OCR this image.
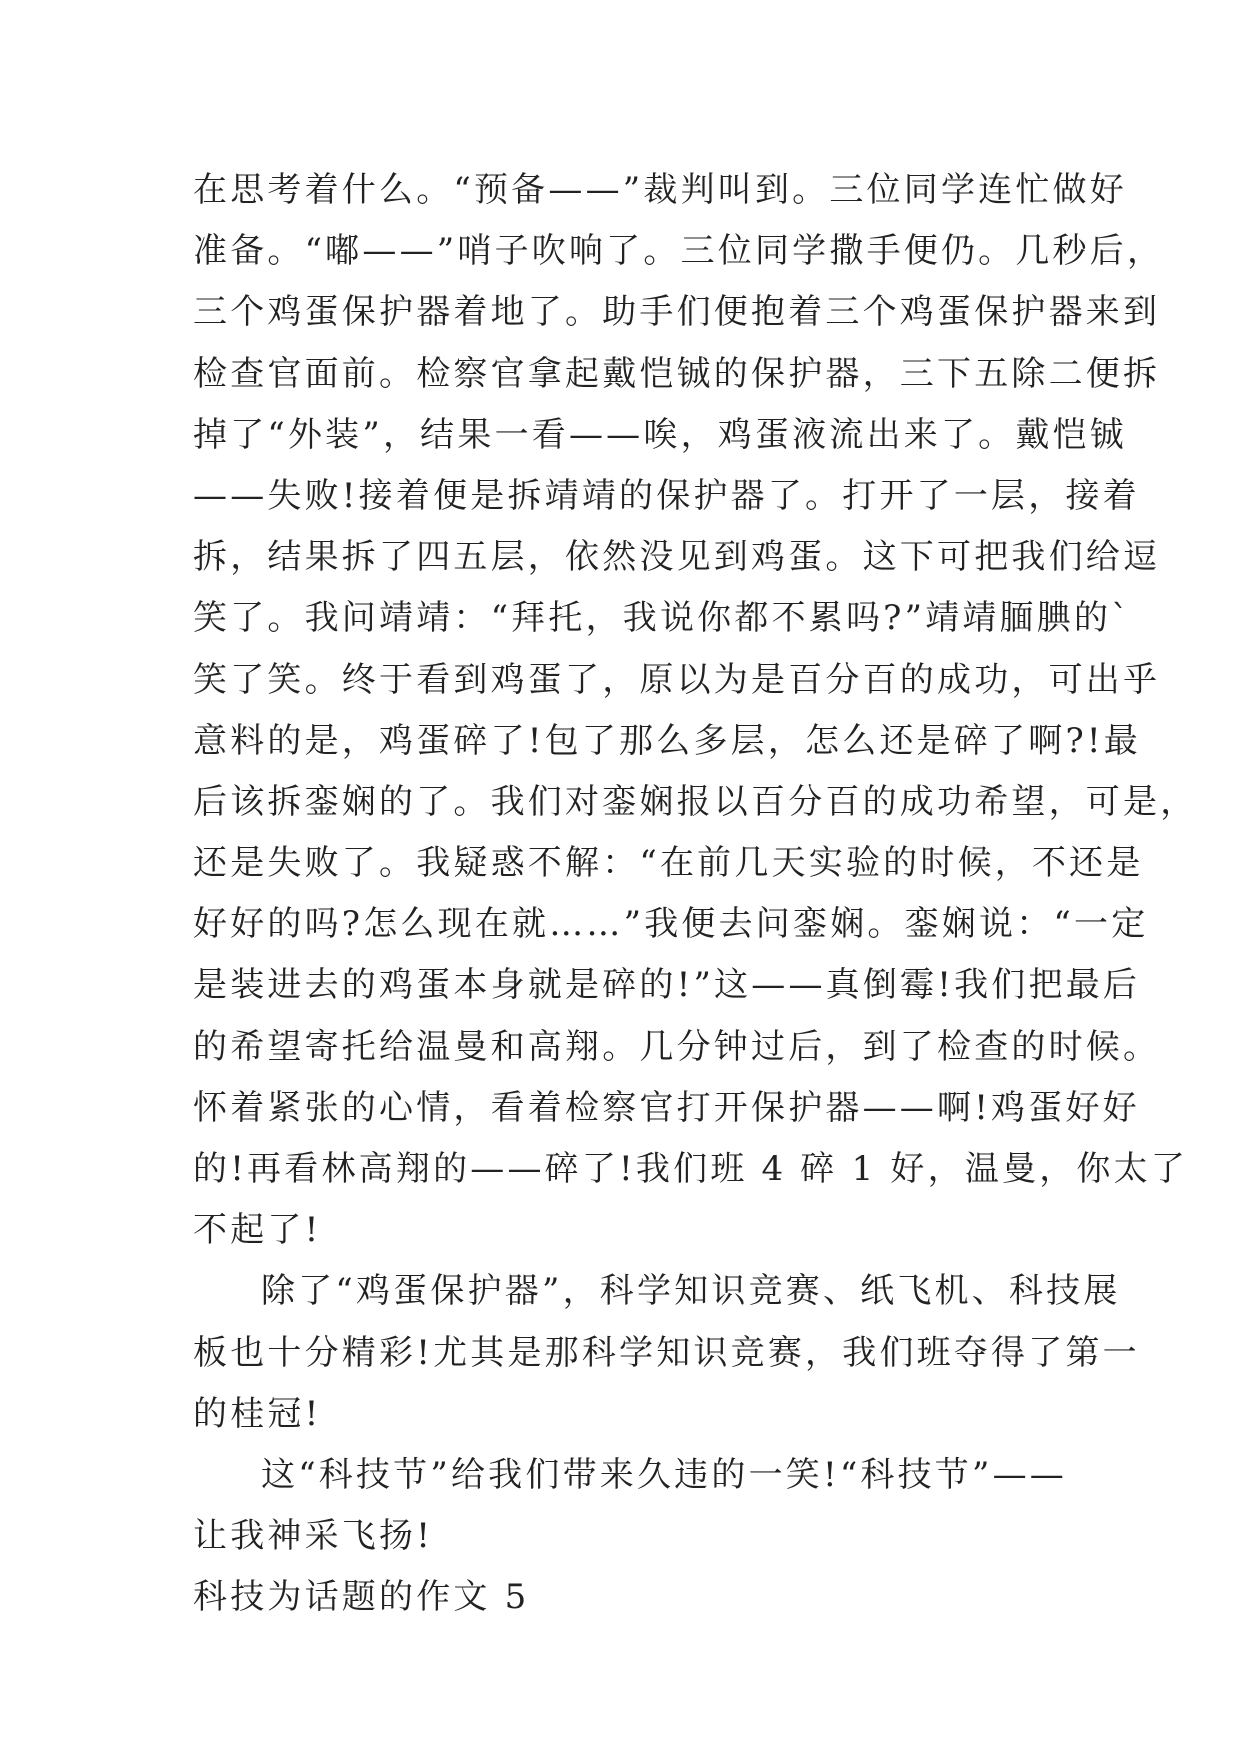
在思考着什么。“预备——”裁判叫到。三位同学连忙做好
准备。“嘟——”哨子吹响了。三位同学撒手便仍。几秒后，
三个鸡蛋保护器着地了。助手们便抱着三个鸡蛋保护器来到
检查官面前。检察官拿起戴恺铖的保护器，三下五除二便拆
掉了“外装”，结果一看——唉，鸡蛋液流出来了。戴恺铖
——失败!接着便是拆靖靖的保护器了。打开了一层，接着
拆，结果拆了四五层，依然没见到鸡蛋。这下可把我们给逗
笑了。我问靖靖：“拜托，我说你都不累吗?”靖靖腼腆的`
笑了笑。终于看到鸡蛋了，原以为是百分百的成功，可出乎
意料的是，鸡蛋碎了!包了那么多层，怎么还是碎了啊?!最
后该拆銮娴的了。我们对銮娴报以百分百的成功希望，可是，
还是失败了。我疑惑不解：“在前几天实验的时候，不还是
好好的吗?怎么现在就……”我便去问銮娴。銮娴说：“一定
是装进去的鸡蛋本身就是碎的!”这——真倒霉!我们把最后
的希望寄托给温曼和高翔。几分钟过后，到了检查的时候。
怀着紧张的心情，看着检察官打开保护器——啊!鸡蛋好好
的!再看林高翔的——碎了!我们班 4 碎 1 好，温曼，你太了
不起了!
除了“鸡蛋保护器”，科学知识竞赛、纸飞机、科技展
板也十分精彩!尤其是那科学知识竞赛，我们班夺得了第一
的桂冠!
这“科技节”给我们带来久违的一笑!“科技节”——
让我神采飞扬!
科技为话题的作文 5
